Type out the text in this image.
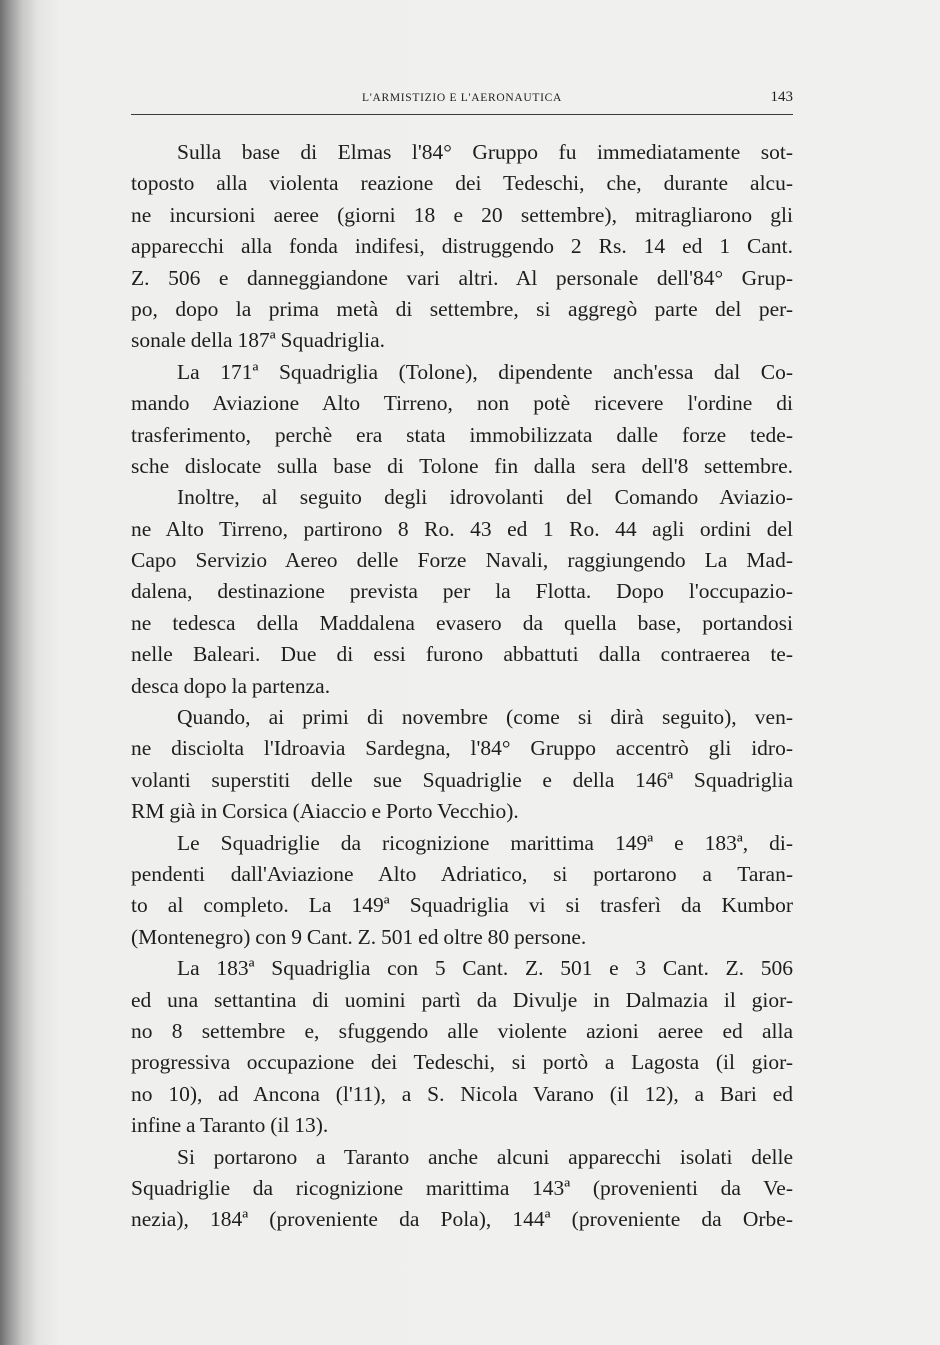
L'ARMISTIZIO E L'AERONAUTICA	143
Sulla base di Elmas l'84° Gruppo fu immediatamente sot-
toposto alla violenta reazione dei Tedeschi, che, durante alcu-
ne incursioni aeree (giorni 18 e 20 settembre), mitragliarono gli
apparecchi alla fonda indifesi, distruggendo 2 Rs. 14 ed 1 Cant.
Z. 506 e danneggiandone vari altri. Al personale dell'84° Grup-
po, dopo la prima metà di settembre, si aggregò parte del per-
sonale della 187ª Squadriglia.
La 171ª Squadriglia (Tolone), dipendente anch'essa dal Co-
mando Aviazione Alto Tirreno, non potè ricevere l'ordine di
trasferimento, perchè era stata immobilizzata dalle forze tede-
sche dislocate sulla base di Tolone fin dalla sera dell'8 settembre.
Inoltre, al seguito degli idrovolanti del Comando Aviazio-
ne Alto Tirreno, partirono 8 Ro. 43 ed 1 Ro. 44 agli ordini del
Capo Servizio Aereo delle Forze Navali, raggiungendo La Mad-
dalena, destinazione prevista per la Flotta. Dopo l'occupazio-
ne tedesca della Maddalena evasero da quella base, portandosi
nelle Baleari. Due di essi furono abbattuti dalla contraerea te-
desca dopo la partenza.
Quando, ai primi di novembre (come si dirà seguito), ven-
ne disciolta l'Idroavia Sardegna, l'84° Gruppo accentrò gli idro-
volanti superstiti delle sue Squadriglie e della 146ª Squadriglia
RM già in Corsica (Aiaccio e Porto Vecchio).
Le Squadriglie da ricognizione marittima 149ª e 183ª, di-
pendenti dall'Aviazione Alto Adriatico, si portarono a Taran-
to al completo. La 149ª Squadriglia vi si trasferì da Kumbor
(Montenegro) con 9 Cant. Z. 501 ed oltre 80 persone.
La 183ª Squadriglia con 5 Cant. Z. 501 e 3 Cant. Z. 506
ed una settantina di uomini partì da Divulje in Dalmazia il gior-
no 8 settembre e, sfuggendo alle violente azioni aeree ed alla
progressiva occupazione dei Tedeschi, si portò a Lagosta (il gior-
no 10), ad Ancona (l'11), a S. Nicola Varano (il 12), a Bari ed
infine a Taranto (il 13).
Si portarono a Taranto anche alcuni apparecchi isolati delle
Squadriglie da ricognizione marittima 143ª (provenienti da Ve-
nezia), 184ª (proveniente da Pola), 144ª (proveniente da Orbe-
